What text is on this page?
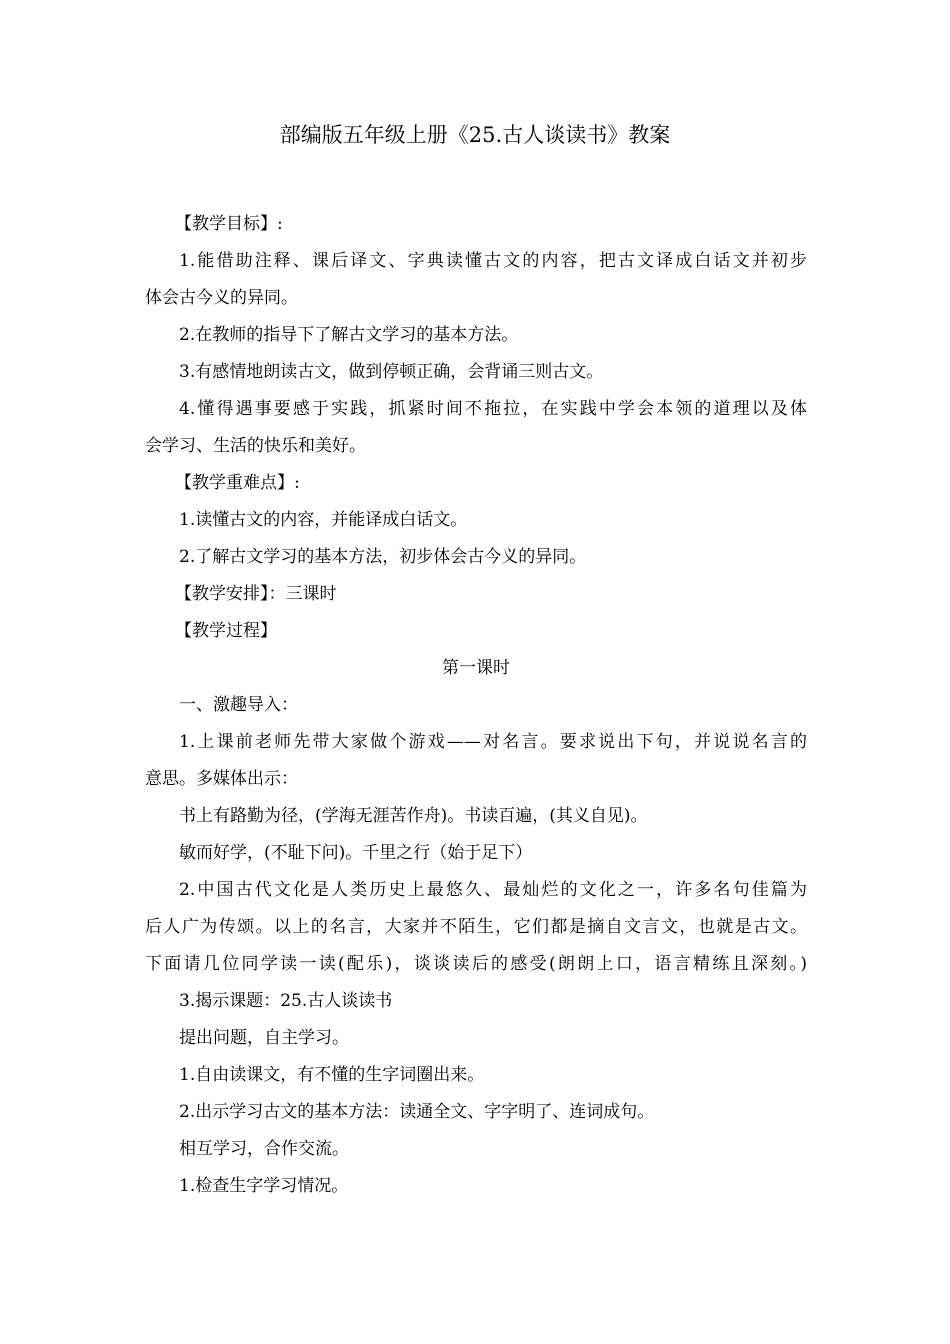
部编版五年级上册《25.古人谈读书》教案
【教学目标】:
1.能借助注释、课后译文、字典读懂古文的内容，把古文译成白话文并初步
体会古今义的异同。
2.在教师的指导下了解古文学习的基本方法。
3.有感情地朗读古文，做到停顿正确，会背诵三则古文。
4.懂得遇事要感于实践，抓紧时间不拖拉，在实践中学会本领的道理以及体
会学习、生活的快乐和美好。
【教学重难点】:
1.读懂古文的内容，并能译成白话文。
2.了解古文学习的基本方法，初步体会古今义的异同。
【教学安排】：三课时
【教学过程】
第一课时
一、激趣导入：
1.上课前老师先带大家做个游戏——对名言。要求说出下句，并说说名言的
意思。多媒体出示：
书上有路勤为径，(学海无涯苦作舟)。书读百遍，(其义自见)。
敏而好学，(不耻下问)。千里之行（始于足下）
2.中国古代文化是人类历史上最悠久、最灿烂的文化之一，许多名句佳篇为
后人广为传颂。以上的名言，大家并不陌生，它们都是摘自文言文，也就是古文。
下面请几位同学读一读(配乐)，谈谈读后的感受(朗朗上口，语言精练且深刻。)
3.揭示课题：25.古人谈读书
提出问题，自主学习。
1.自由读课文，有不懂的生字词圈出来。
2.出示学习古文的基本方法：读通全文、字字明了、连词成句。
相互学习，合作交流。
1.检查生字学习情况。
